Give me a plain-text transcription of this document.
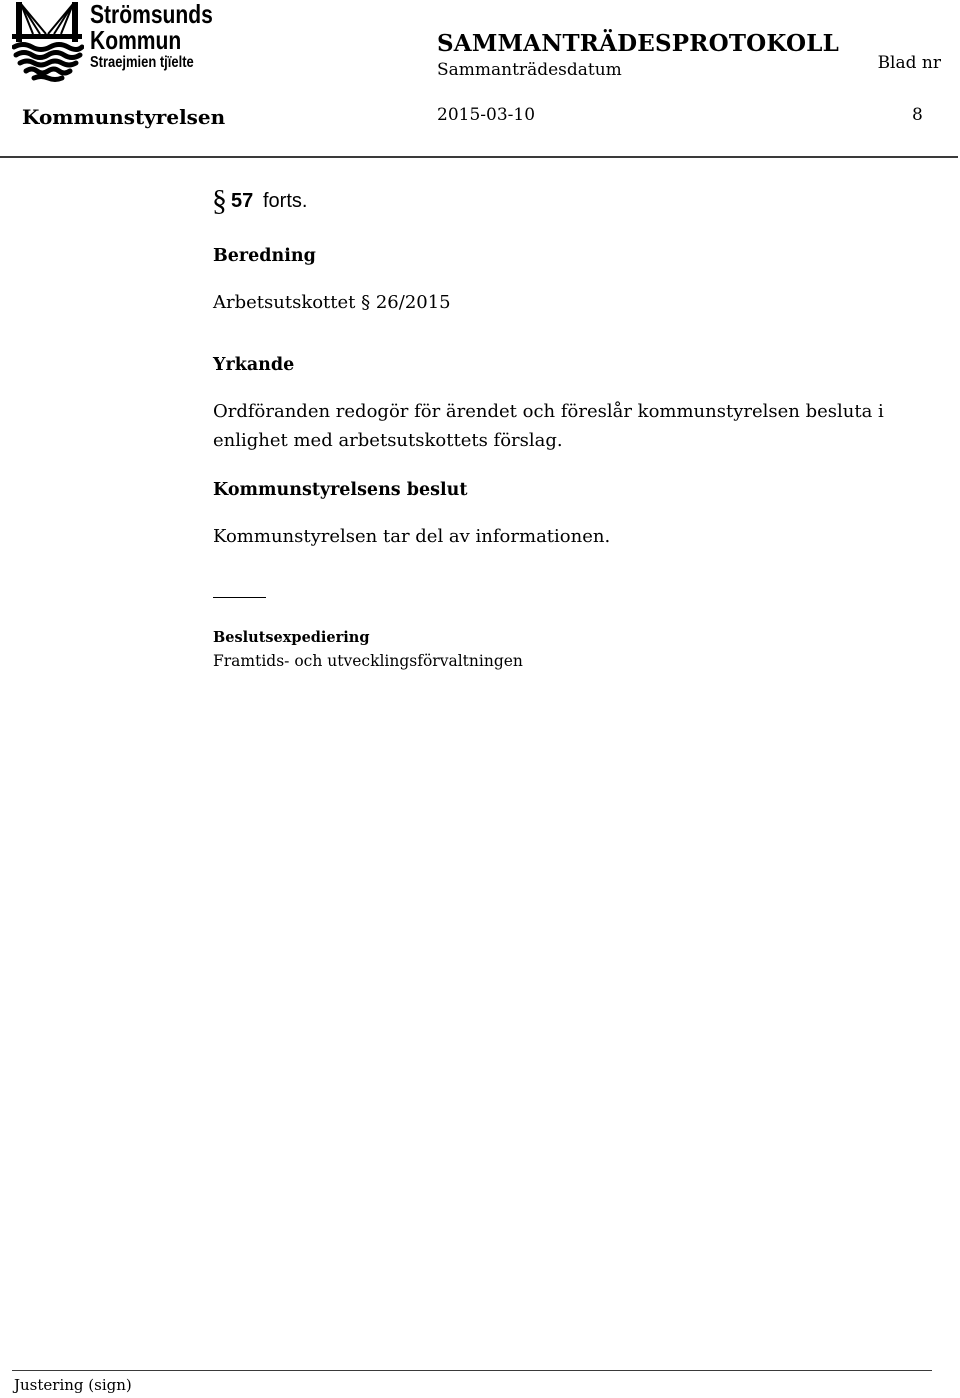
Strömsunds
Kommun
Straejmien tjïelte
SAMMANTRÄDESPROTOKOLL
Sammanträdesdatum	Blad nr
Kommunstyrelsen	2015-03-10	8
§ 57 forts.
Beredning
Arbetsutskottet § 26/2015
Yrkande
Ordföranden redogör för ärendet och föreslår kommunstyrelsen besluta i enlighet med arbetsutskottets förslag.
Kommunstyrelsens beslut
Kommunstyrelsen tar del av informationen.
Beslutsexpediering
Framtids- och utvecklingsförvaltningen
Justering (sign)
